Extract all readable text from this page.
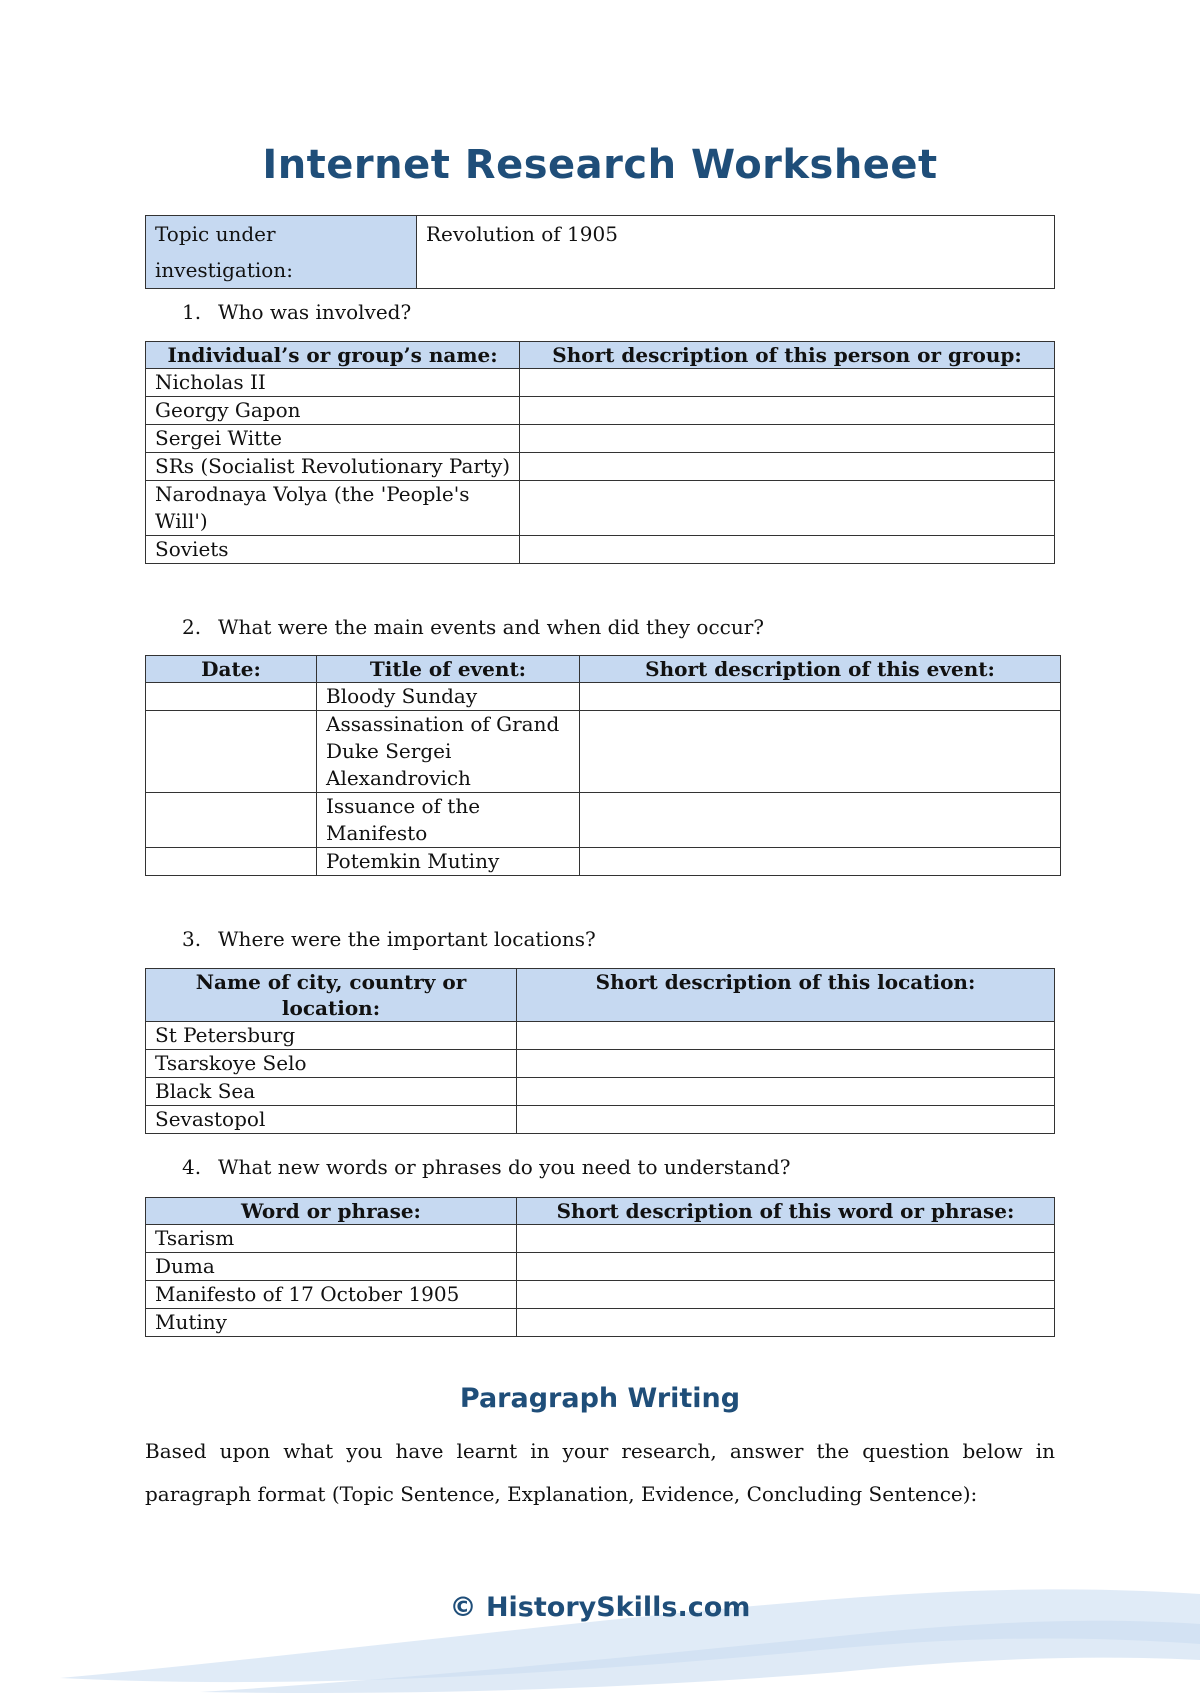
Internet Research Worksheet
Topic under investigation:	Revolution of 1905

1. Who was involved?

Individual’s or group’s name:	Short description of this person or group:
Nicholas II	
Georgy Gapon	
Sergei Witte	
SRs (Socialist Revolutionary Party)	
Narodnaya Volya (the 'People's Will')	
Soviets	

2. What were the main events and when did they occur?

Date:	Title of event:	Short description of this event:
	Bloody Sunday	
	Assassination of Grand Duke Sergei Alexandrovich	
	Issuance of the Manifesto	
	Potemkin Mutiny	

3. Where were the important locations?

Name of city, country or location:	Short description of this location:
St Petersburg	
Tsarskoye Selo	
Black Sea	
Sevastopol	

4. What new words or phrases do you need to understand?

Word or phrase:	Short description of this word or phrase:
Tsarism	
Duma	
Manifesto of 17 October 1905	
Mutiny	
Paragraph Writing

Based upon what you have learnt in your research, answer the question below in paragraph format (Topic Sentence, Explanation, Evidence, Concluding Sentence):

© HistorySkills.com
